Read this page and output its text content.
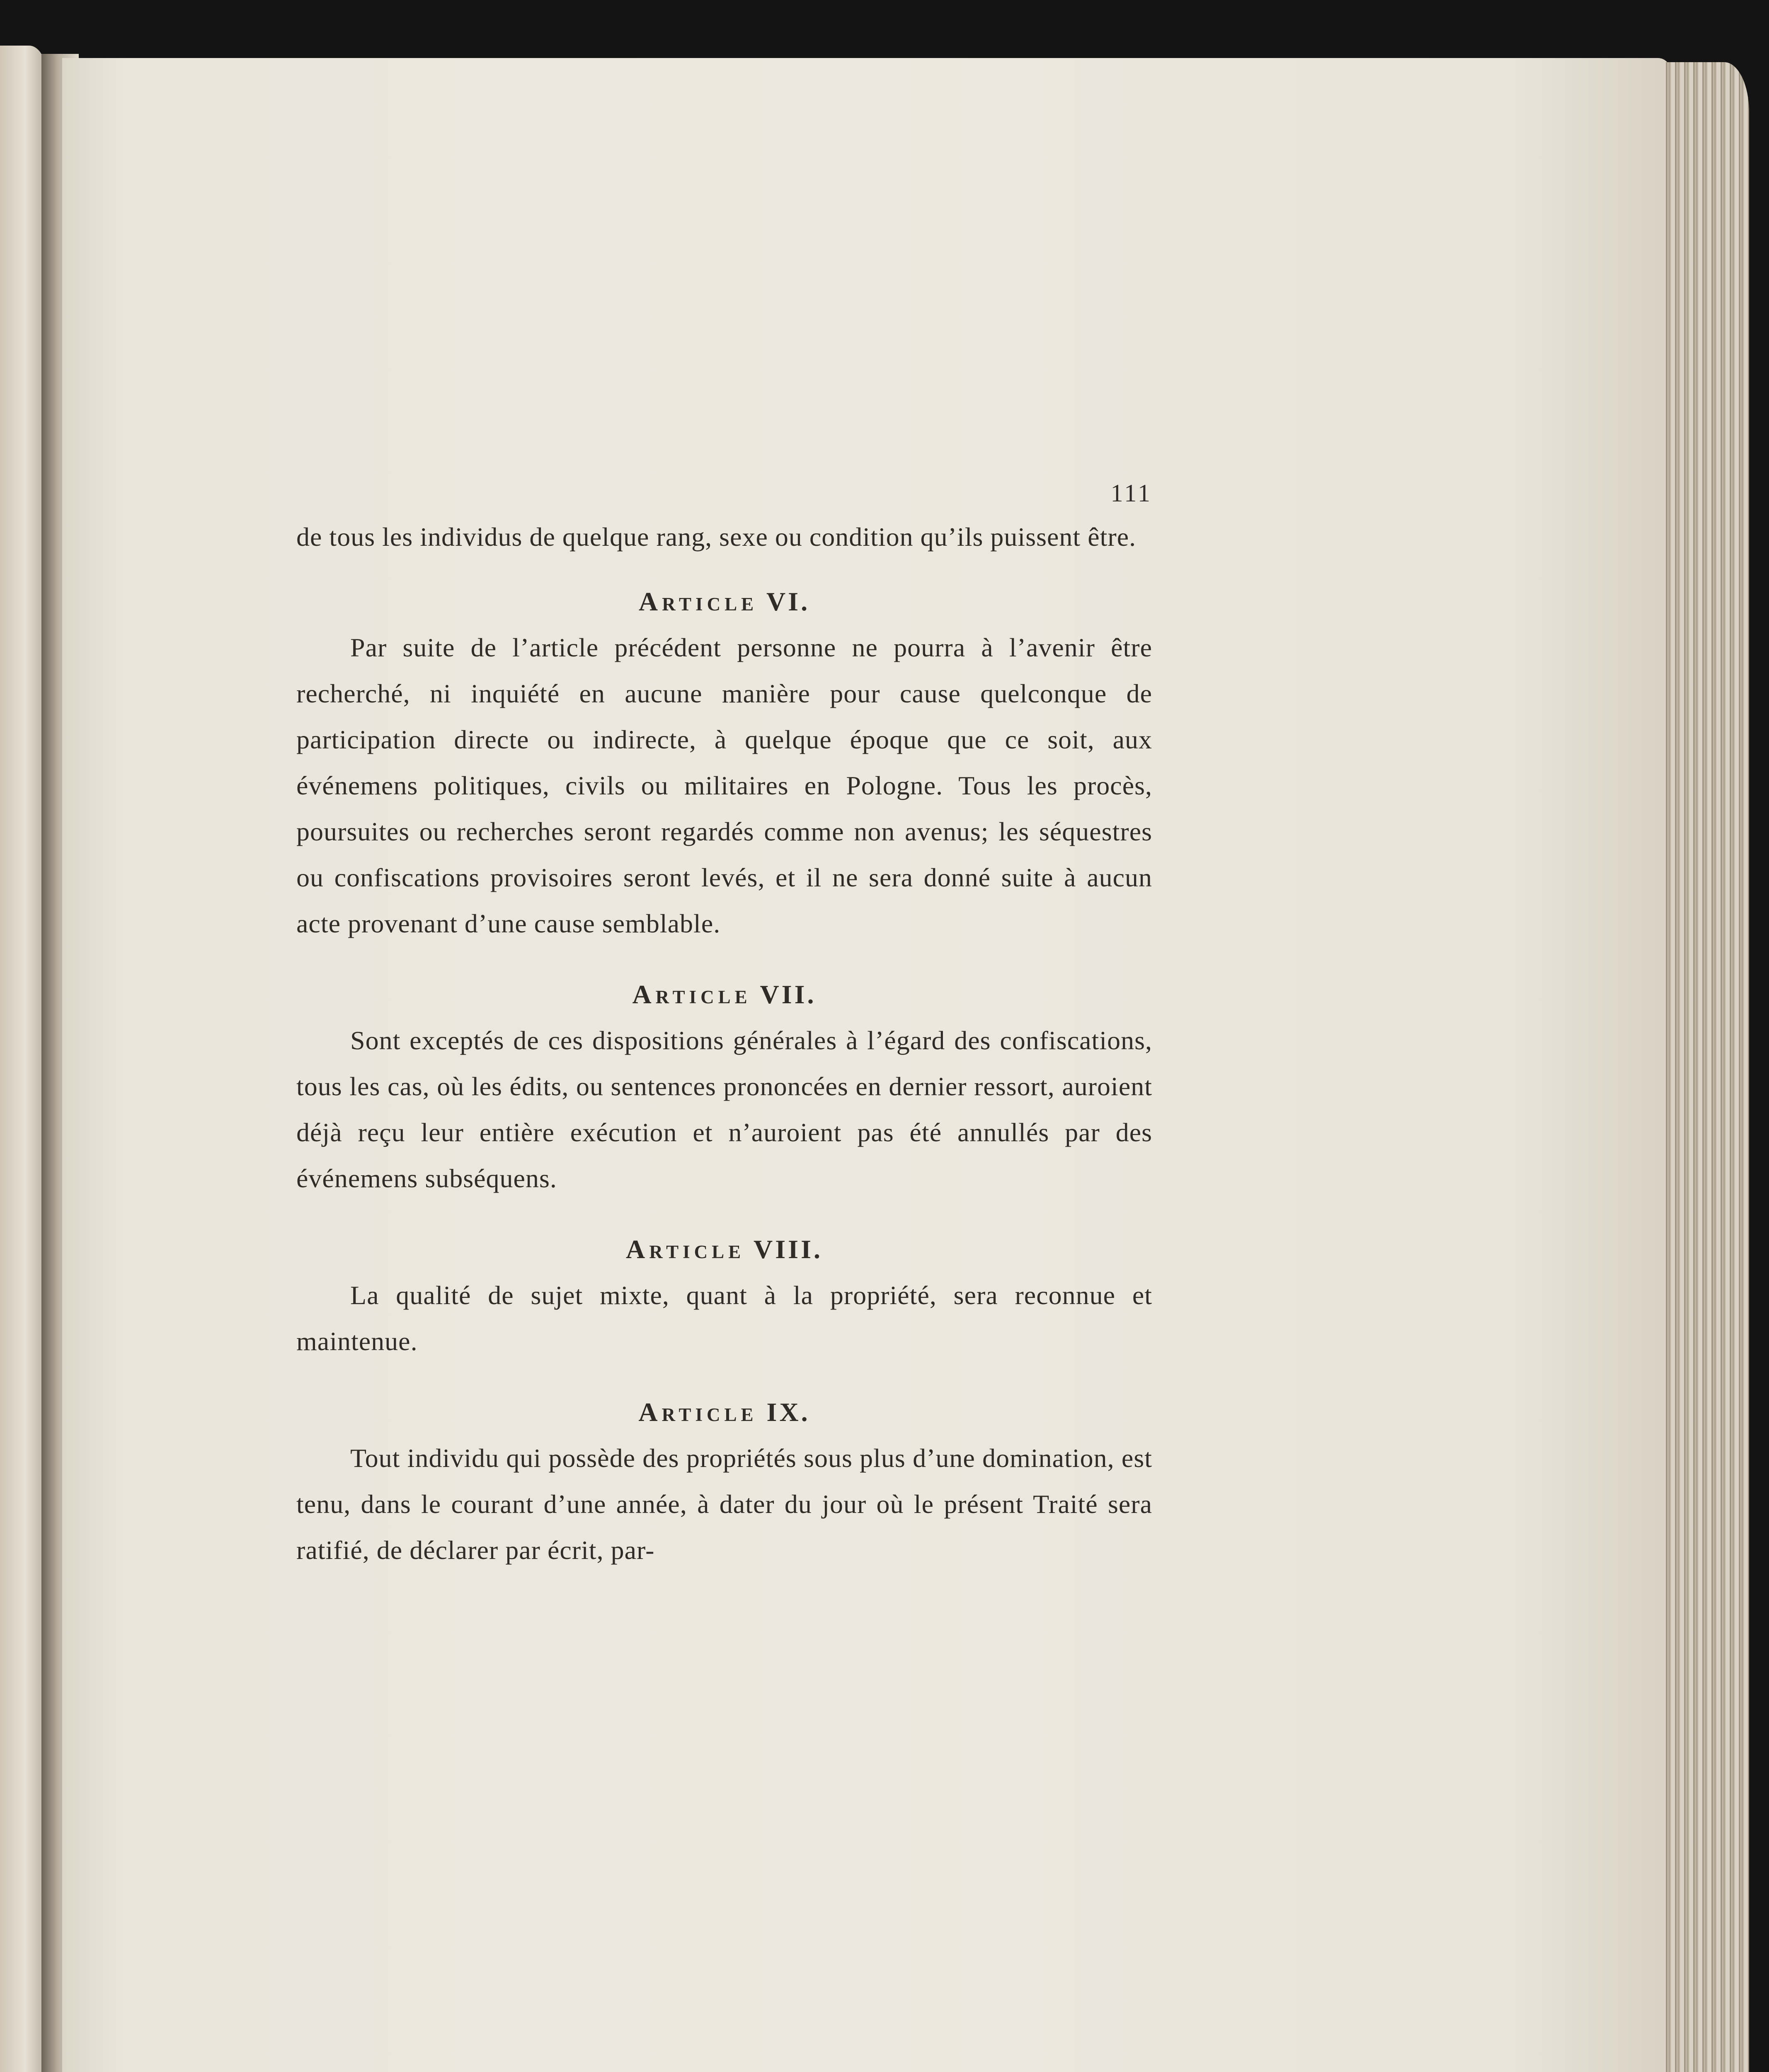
111

de tous les individus de quelque rang, sexe ou condition qu’ils puissent être.

Article VI.

Par suite de l’article précédent personne ne pourra à l’avenir être recherché, ni inquiété en aucune manière pour cause quelconque de participation directe ou indirecte, à quelque époque que ce soit, aux événemens politiques, civils ou militaires en Pologne. Tous les procès, poursuites ou recherches seront regardés comme non avenus; les séquestres ou confiscations provisoires seront levés, et il ne sera donné suite à aucun acte provenant d’une cause semblable.

Article VII.

Sont exceptés de ces dispositions générales à l’égard des confiscations, tous les cas, où les édits, ou sentences prononcées en dernier ressort, auroient déjà reçu leur entière exécution et n’auroient pas été annullés par des événemens subséquens.

Article VIII.

La qualité de sujet mixte, quant à la propriété, sera reconnue et maintenue.

Article IX.

Tout individu qui possède des propriétés sous plus d’une domination, est tenu, dans le courant d’une année, à dater du jour où le présent Traité sera ratifié, de déclarer par écrit, par-
